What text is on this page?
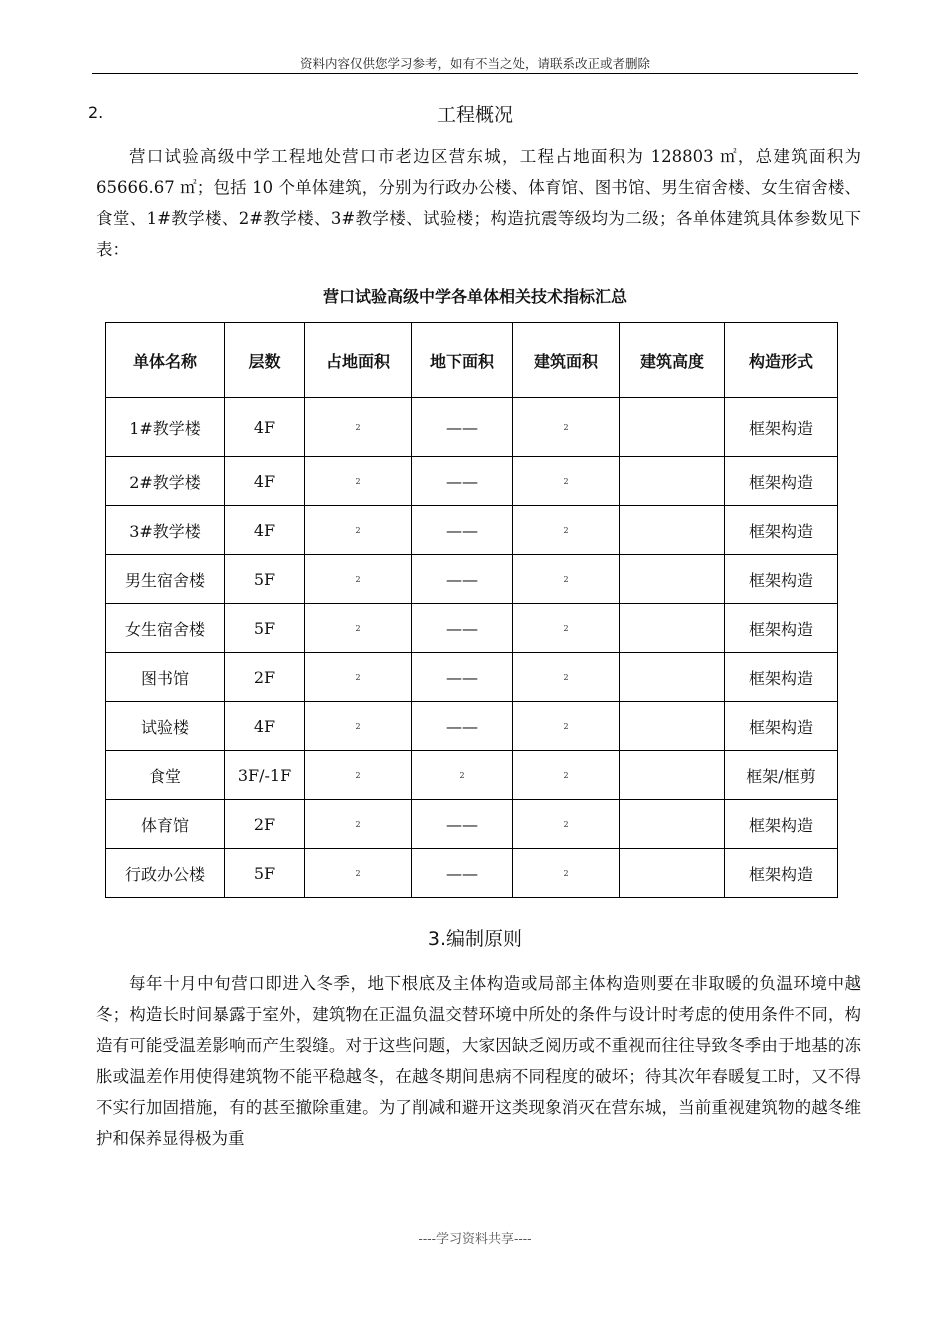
资料内容仅供您学习参考，如有不当之处，请联系改正或者删除
2.	工程概况

营口试验高级中学工程地处营口市老边区营东城，工程占地面积为 128803 ㎡，总建筑面积为 65666.67 ㎡；包括 10 个单体建筑，分别为行政办公楼、体育馆、图书馆、男生宿舍楼、女生宿舍楼、食堂、1#教学楼、2#教学楼、3#教学楼、试验楼；构造抗震等级均为二级；各单体建筑具体参数见下表：

营口试验高级中学各单体相关技术指标汇总
单体名称	层数	占地面积	地下面积	建筑面积	建筑高度	构造形式
1#教学楼	4F	2	——	2		框架构造
2#教学楼	4F	2	——	2		框架构造
3#教学楼	4F	2	——	2		框架构造
男生宿舍楼	5F	2	——	2		框架构造
女生宿舍楼	5F	2	——	2		框架构造
图书馆	2F	2	——	2		框架构造
试验楼	4F	2	——	2		框架构造
食堂	3F/-1F	2	2	2		框架/框剪
体育馆	2F	2	——	2		框架构造
行政办公楼	5F	2	——	2		框架构造
3.编制原则

每年十月中旬营口即进入冬季，地下根底及主体构造或局部主体构造则要在非取暖的负温环境中越冬；构造长时间暴露于室外，建筑物在正温负温交替环境中所处的条件与设计时考虑的使用条件不同，构造有可能受温差影响而产生裂缝。对于这些问题，大家因缺乏阅历或不重视而往往导致冬季由于地基的冻胀或温差作用使得建筑物不能平稳越冬，在越冬期间患病不同程度的破坏；待其次年春暖复工时，又不得不实行加固措施，有的甚至撤除重建。为了削减和避开这类现象消灭在营东城，当前重视建筑物的越冬维护和保养显得极为重

----学习资料共享----
